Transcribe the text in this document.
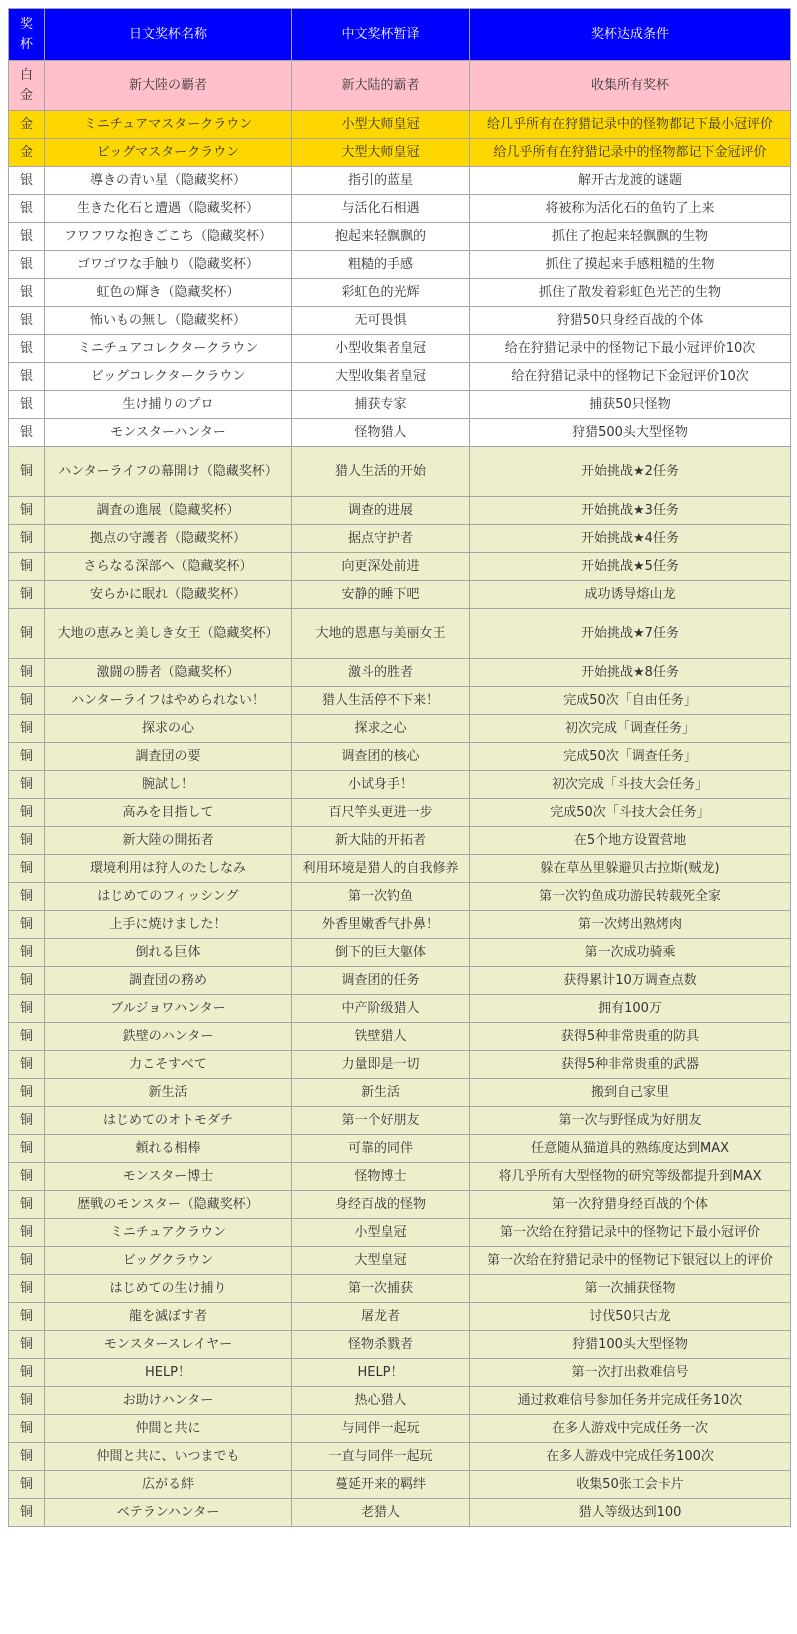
奖杯	日文奖杯名称	中文奖杯暂译	奖杯达成条件
白金	新大陸の覇者	新大陆的霸者	收集所有奖杯
金	ミニチュアマスタークラウン	小型大师皇冠	给几乎所有在狩猎记录中的怪物都记下最小冠评价
金	ビッグマスタークラウン	大型大师皇冠	给几乎所有在狩猎记录中的怪物都记下金冠评价
银	導きの青い星（隐藏奖杯）	指引的蓝星	解开古龙渡的谜题
银	生きた化石と遭遇（隐藏奖杯）	与活化石相遇	将被称为活化石的鱼钓了上来
银	フワフワな抱きごこち（隐藏奖杯）	抱起来轻飘飘的	抓住了抱起来轻飘飘的生物
银	ゴワゴワな手触り（隐藏奖杯）	粗糙的手感	抓住了摸起来手感粗糙的生物
银	虹色の輝き（隐藏奖杯）	彩虹色的光辉	抓住了散发着彩虹色光芒的生物
银	怖いもの無し（隐藏奖杯）	无可畏惧	狩猎50只身经百战的个体
银	ミニチュアコレクタークラウン	小型收集者皇冠	给在狩猎记录中的怪物记下最小冠评价10次
银	ビッグコレクタークラウン	大型收集者皇冠	给在狩猎记录中的怪物记下金冠评价10次
银	生け捕りのプロ	捕获专家	捕获50只怪物
银	モンスターハンター	怪物猎人	狩猎500头大型怪物
铜	ハンターライフの幕開け（隐藏奖杯）	猎人生活的开始	开始挑战★2任务
铜	調査の進展（隐藏奖杯）	调查的进展	开始挑战★3任务
铜	拠点の守護者（隐藏奖杯）	据点守护者	开始挑战★4任务
铜	さらなる深部へ（隐藏奖杯）	向更深处前进	开始挑战★5任务
铜	安らかに眠れ（隐藏奖杯）	安静的睡下吧	成功诱导熔山龙
铜	大地の恵みと美しき女王（隐藏奖杯）	大地的恩惠与美丽女王	开始挑战★7任务
铜	激闘の勝者（隐藏奖杯）	激斗的胜者	开始挑战★8任务
铜	ハンターライフはやめられない！	猎人生活停不下来！	完成50次「自由任务」
铜	探求の心	探求之心	初次完成「调查任务」
铜	調査団の要	调查团的核心	完成50次「调查任务」
铜	腕試し！	小试身手！	初次完成「斗技大会任务」
铜	高みを目指して	百尺竿头更进一步	完成50次「斗技大会任务」
铜	新大陸の開拓者	新大陆的开拓者	在5个地方设置营地
铜	環境利用は狩人のたしなみ	利用环境是猎人的自我修养	躲在草丛里躲避贝古拉斯(贼龙)
铜	はじめてのフィッシング	第一次钓鱼	第一次钓鱼成功游民转载死全家
铜	上手に焼けました！	外香里嫩香气扑鼻！	第一次烤出熟烤肉
铜	倒れる巨体	倒下的巨大躯体	第一次成功骑乘
铜	調査団の務め	调查团的任务	获得累计10万调查点数
铜	ブルジョワハンター	中产阶级猎人	拥有100万
铜	鉄壁のハンター	铁壁猎人	获得5种非常贵重的防具
铜	力こそすべて	力量即是一切	获得5种非常贵重的武器
铜	新生活	新生活	搬到自己家里
铜	はじめてのオトモダチ	第一个好朋友	第一次与野怪成为好朋友
铜	頼れる相棒	可靠的同伴	任意随从猫道具的熟练度达到MAX
铜	モンスター博士	怪物博士	将几乎所有大型怪物的研究等级都提升到MAX
铜	歴戦のモンスター（隐藏奖杯）	身经百战的怪物	第一次狩猎身经百战的个体
铜	ミニチュアクラウン	小型皇冠	第一次给在狩猎记录中的怪物记下最小冠评价
铜	ビッグクラウン	大型皇冠	第一次给在狩猎记录中的怪物记下银冠以上的评价
铜	はじめての生け捕り	第一次捕获	第一次捕获怪物
铜	龍を滅ぼす者	屠龙者	讨伐50只古龙
铜	モンスタースレイヤー	怪物杀戮者	狩猎100头大型怪物
铜	HELP！	HELP！	第一次打出救难信号
铜	お助けハンター	热心猎人	通过救难信号参加任务并完成任务10次
铜	仲間と共に	与同伴一起玩	在多人游戏中完成任务一次
铜	仲間と共に、いつまでも	一直与同伴一起玩	在多人游戏中完成任务100次
铜	広がる絆	蔓延开来的羁绊	收集50张工会卡片
铜	ベテランハンター	老猎人	猎人等级达到100
